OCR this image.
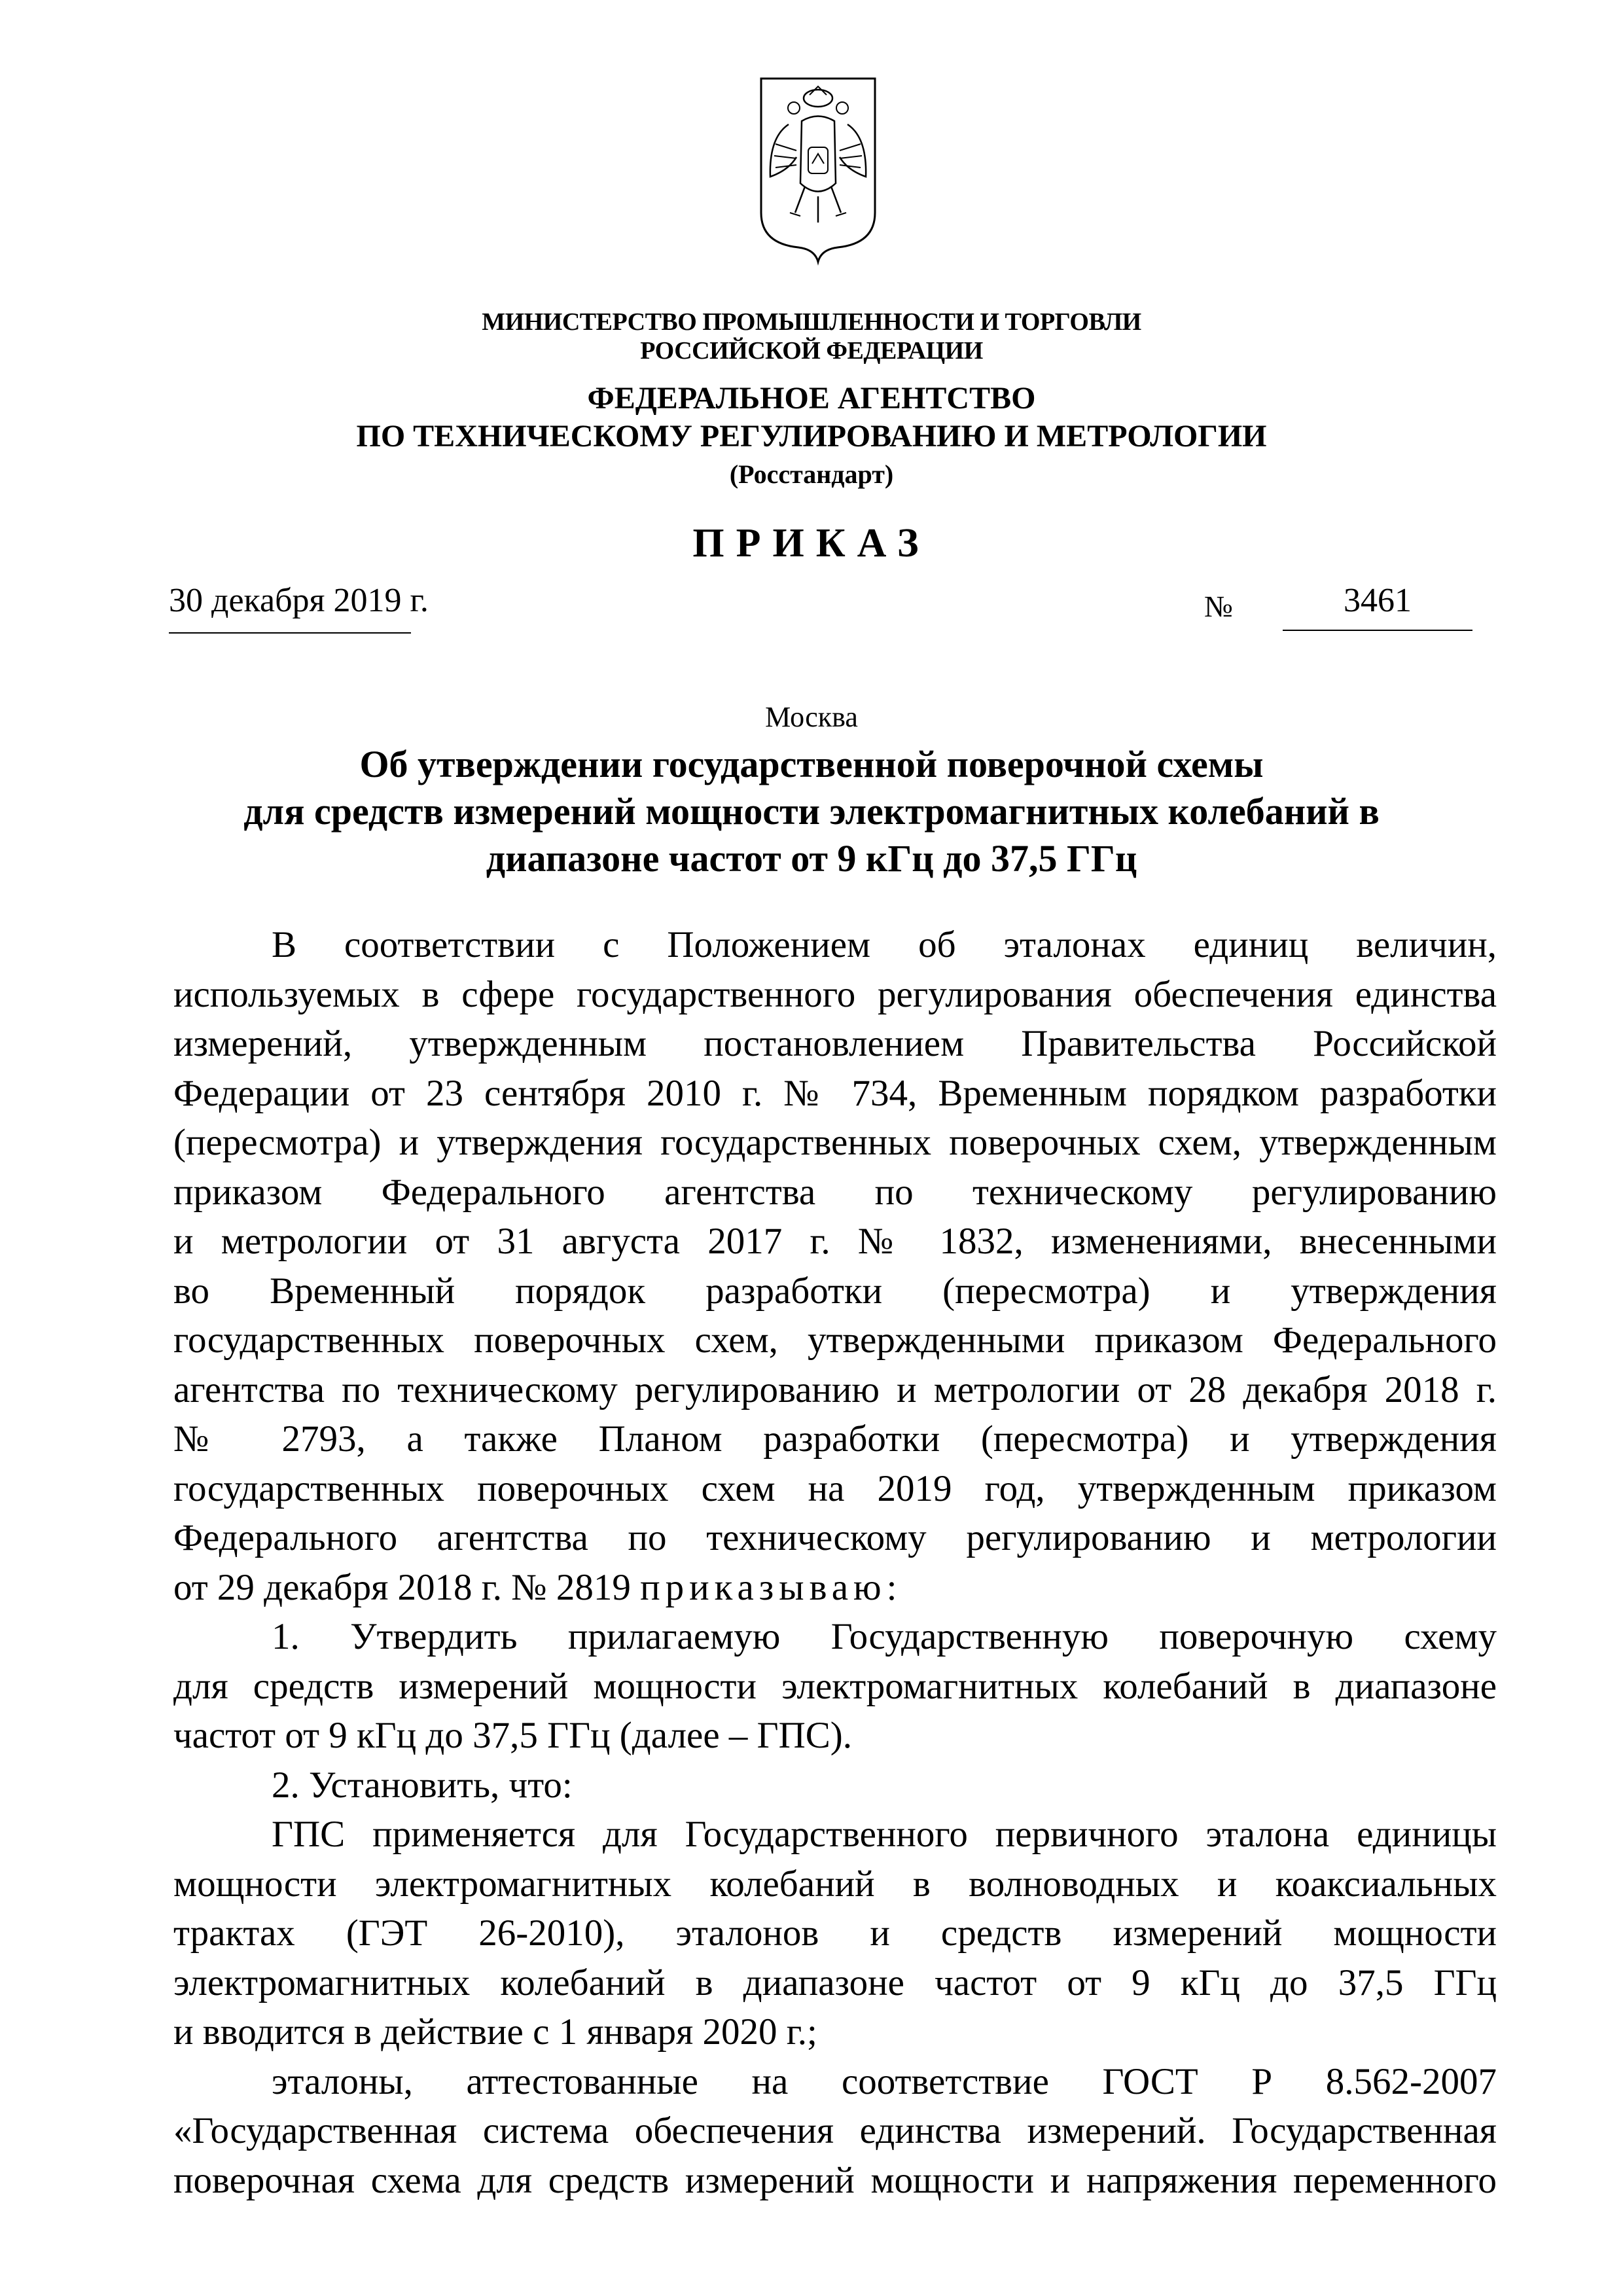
МИНИСТЕРСТВО ПРОМЫШЛЕННОСТИ И ТОРГОВЛИ
РОССИЙСКОЙ ФЕДЕРАЦИИ
ФЕДЕРАЛЬНОЕ АГЕНТСТВО
ПО ТЕХНИЧЕСКОМУ РЕГУЛИРОВАНИЮ И МЕТРОЛОГИИ
(Росстандарт)
ПРИКАЗ
30 декабря 2019 г.	№	3461
Москва
Об утверждении государственной поверочной схемы
для средств измерений мощности электромагнитных колебаний в
диапазоне частот от 9 кГц до 37,5 ГГц

В соответствии с Положением об эталонах единиц величин,

используемых в сфере государственного регулирования обеспечения единства

измерений, утвержденным постановлением Правительства Российской

Федерации от 23 сентября 2010 г. № 734, Временным порядком разработки

(пересмотра) и утверждения государственных поверочных схем, утвержденным

приказом Федерального агентства по техническому регулированию

и метрологии от 31 августа 2017 г. № 1832, изменениями, внесенными

во Временный порядок разработки (пересмотра) и утверждения

государственных поверочных схем, утвержденными приказом Федерального

агентства по техническому регулированию и метрологии от 28 декабря 2018 г.

№ 2793, а также Планом разработки (пересмотра) и утверждения

государственных поверочных схем на 2019 год, утвержденным приказом

Федерального агентства по техническому регулированию и метрологии

от 29 декабря 2018 г. № 2819 приказываю:

1. Утвердить прилагаемую Государственную поверочную схему

для средств измерений мощности электромагнитных колебаний в диапазоне

частот от 9 кГц до 37,5 ГГц (далее – ГПС).

2. Установить, что:

ГПС применяется для Государственного первичного эталона единицы

мощности электромагнитных колебаний в волноводных и коаксиальных

трактах (ГЭТ 26-2010), эталонов и средств измерений мощности

электромагнитных колебаний в диапазоне частот от 9 кГц до 37,5 ГГц

и вводится в действие с 1 января 2020 г.;

эталоны, аттестованные на соответствие ГОСТ Р 8.562-2007

«Государственная система обеспечения единства измерений. Государственная

поверочная схема для средств измерений мощности и напряжения переменного
